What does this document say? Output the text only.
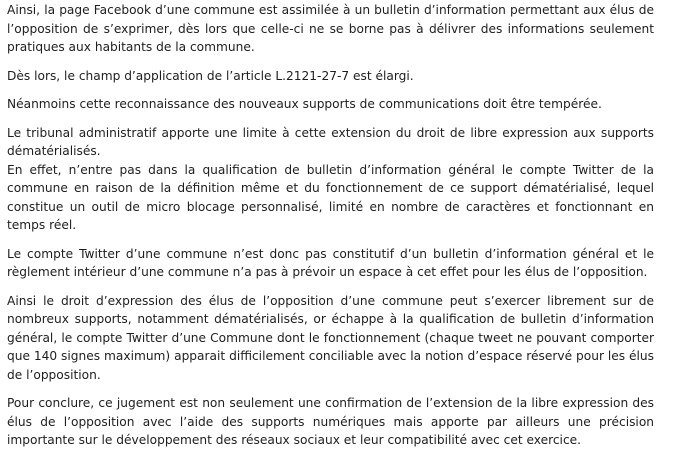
Ainsi, la page Facebook d’une commune est assimilée à un bulletin d’information permettant aux élus de l’opposition de s’exprimer, dès lors que celle-ci ne se borne pas à délivrer des informations seulement pratiques aux habitants de la commune.

Dès lors, le champ d’application de l’article L.2121-27-7 est élargi.

Néanmoins cette reconnaissance des nouveaux supports de communications doit être tempérée.

Le tribunal administratif apporte une limite à cette extension du droit de libre expression aux supports dématérialisés.

En effet, n’entre pas dans la qualification de bulletin d’information général le compte Twitter de la commune en raison de la définition même et du fonctionnement de ce support dématérialisé, lequel constitue un outil de micro blocage personnalisé, limité en nombre de caractères et fonctionnant en temps réel.

Le compte Twitter d’une commune n’est donc pas constitutif d’un bulletin d’information général et le règlement intérieur d’une commune n’a pas à prévoir un espace à cet effet pour les élus de l’opposition.

Ainsi le droit d’expression des élus de l’opposition d’une commune peut s’exercer librement sur de nombreux supports, notamment dématérialisés, or échappe à la qualification de bulletin d’information général, le compte Twitter d’une Commune dont le fonctionnement (chaque tweet ne pouvant comporter que 140 signes maximum) apparait difficilement conciliable avec la notion d’espace réservé pour les élus de l’opposition.

Pour conclure, ce jugement est non seulement une confirmation de l’extension de la libre expression des élus de l’opposition avec l’aide des supports numériques mais apporte par ailleurs une précision importante sur le développement des réseaux sociaux et leur compatibilité avec cet exercice.
